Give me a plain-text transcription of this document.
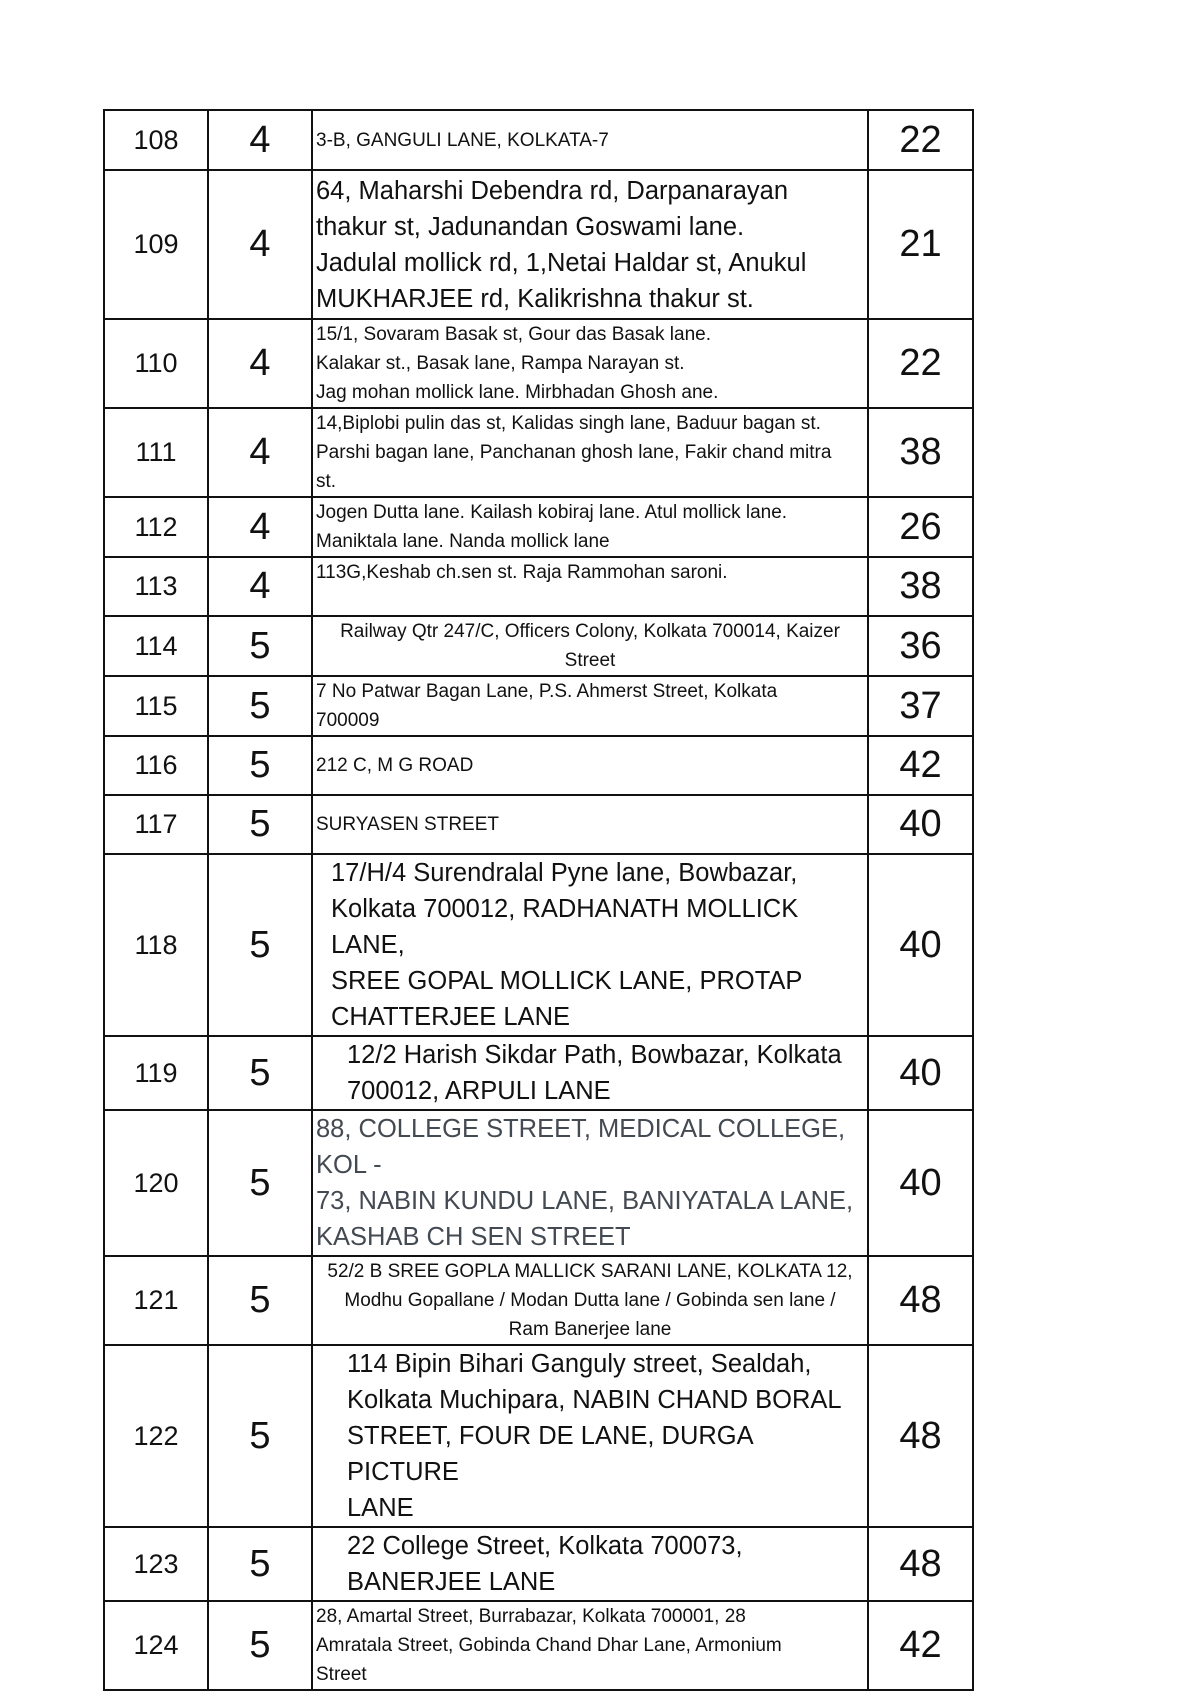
108	4	3-B, GANGULI LANE, KOLKATA-7	22
109	4	64, Maharshi Debendra rd, Darpanarayan
thakur st, Jadunandan Goswami lane.
Jadulal mollick rd, 1,Netai Haldar st, Anukul
MUKHARJEE rd, Kalikrishna thakur st.	21
110	4	15/1, Sovaram Basak st, Gour das Basak lane.
Kalakar st., Basak lane, Rampa Narayan st.
Jag mohan mollick lane. Mirbhadan Ghosh ane.	22
111	4	14,Biplobi pulin das st, Kalidas singh lane, Baduur bagan st.
Parshi bagan lane, Panchanan ghosh lane, Fakir chand mitra
st.	38
112	4	Jogen Dutta lane. Kailash kobiraj lane. Atul mollick lane.
Maniktala lane. Nanda mollick lane	26
113	4	113G,Keshab ch.sen st. Raja Rammohan saroni.	38
114	5	Railway Qtr 247/C, Officers Colony, Kolkata 700014, Kaizer
Street	36
115	5	7 No Patwar Bagan Lane, P.S. Ahmerst Street, Kolkata
700009	37
116	5	212 C, M G ROAD	42
117	5	SURYASEN STREET	40
118	5	17/H/4 Surendralal Pyne lane, Bowbazar,
Kolkata 700012, RADHANATH MOLLICK LANE,
SREE GOPAL MOLLICK LANE, PROTAP
CHATTERJEE LANE	40
119	5	12/2 Harish Sikdar Path, Bowbazar, Kolkata
700012, ARPULI LANE	40
120	5	88, COLLEGE STREET, MEDICAL COLLEGE, KOL -
73, NABIN KUNDU LANE, BANIYATALA LANE,
KASHAB CH SEN STREET	40
121	5	52/2 B SREE GOPLA MALLICK SARANI LANE, KOLKATA 12,
Modhu Gopallane / Modan Dutta lane / Gobinda sen lane /
Ram Banerjee lane	48
122	5	114 Bipin Bihari Ganguly street, Sealdah,
Kolkata Muchipara, NABIN CHAND BORAL
STREET, FOUR DE LANE, DURGA PICTURE
LANE	48
123	5	22 College Street, Kolkata 700073,
BANERJEE LANE	48
124	5	28, Amartal Street, Burrabazar, Kolkata 700001, 28
Amratala Street, Gobinda Chand Dhar Lane, Armonium
Street	42
